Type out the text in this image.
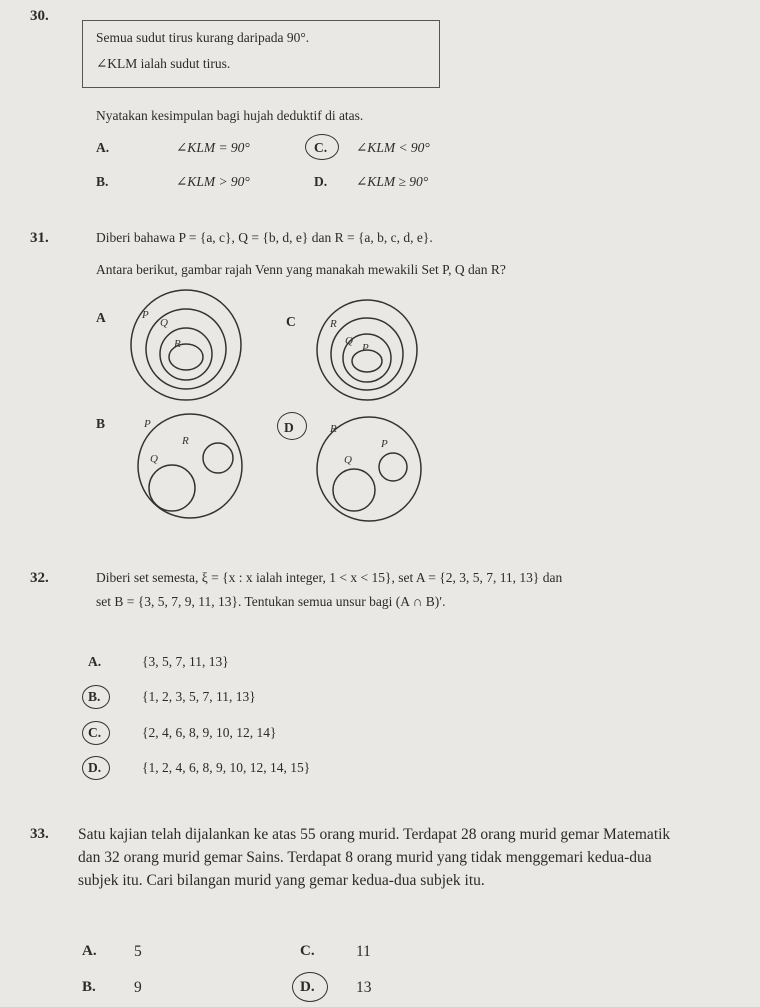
30.
Semua sudut tirus kurang daripada 90°.
∠KLM ialah sudut tirus.
Nyatakan kesimpulan bagi hujah deduktif di atas.
A.	∠KLM = 90°	C. ∠KLM < 90°
B.	∠KLM > 90°	D. ∠KLM ≥ 90°
31.	Diberi bahawa P = {a, c}, Q = {b, d, e} dan R = {a, b, c, d, e}.
Antara berikut, gambar rajah Venn yang manakah mewakili Set P, Q dan R?
A	C
B	D
P
Q
R
R
Q
P
P
Q
R
R
Q
P
32.	Diberi set semesta, ξ = {x : x ialah integer, 1 < x < 15}, set A = {2, 3, 5, 7, 11, 13} dan
set B = {3, 5, 7, 9, 11, 13}. Tentukan semua unsur bagi (A ∩ B)′.
A.	{3, 5, 7, 11, 13}
B.	{1, 2, 3, 5, 7, 11, 13}
C.	{2, 4, 6, 8, 9, 10, 12, 14}
D.	{1, 2, 4, 6, 8, 9, 10, 12, 14, 15}
33. Satu kajian telah dijalankan ke atas 55 orang murid. Terdapat 28 orang murid gemar Matematik
dan 32 orang murid gemar Sains. Terdapat 8 orang murid yang tidak menggemari kedua-dua
subjek itu. Cari bilangan murid yang gemar kedua-dua subjek itu.
A. 5	C.	11
B. 9	D.	13
